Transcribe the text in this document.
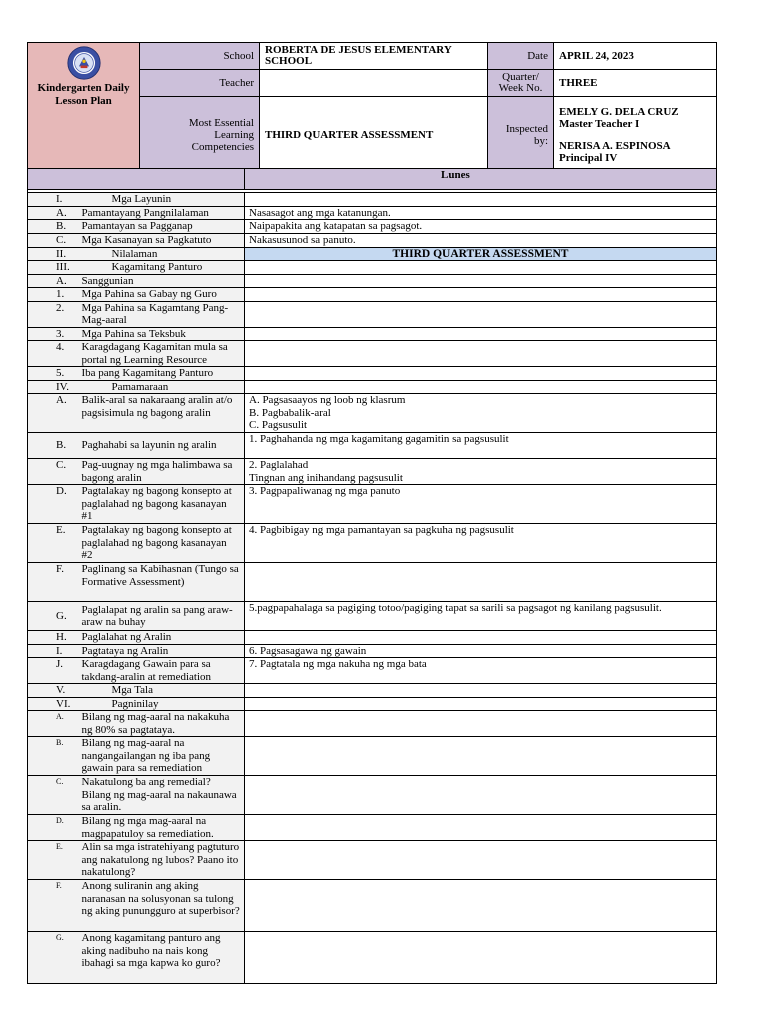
Kindergarten Daily Lesson Plan	School	ROBERTA DE JESUS ELEMENTARY SCHOOL	Date	APRIL 24, 2023
	Teacher		Quarter/ Week No.	THREE
	Most Essential Learning Competencies	THIRD QUARTER ASSESSMENT	Inspected by:	EMELY G. DELA CRUZ
Master Teacher I
NERISA A. ESPINOSA
Principal IV
		Lunes

I.	Mga Layunin	
A.	Pamantayang Pangnilalaman	Nasasagot ang mga katanungan.
B.	Pamantayan sa Pagganap	Naipapakita ang katapatan sa pagsagot.
C.	Mga Kasanayan sa Pagkatuto	Nakasusunod sa panuto.
II.	Nilalaman	THIRD QUARTER ASSESSMENT
III.	Kagamitang Panturo	
A.	Sanggunian	
1.	Mga Pahina sa Gabay ng Guro	
2.	Mga Pahina sa Kagamtang Pang-Mag-aaral	
3.	Mga Pahina sa Teksbuk	
4.	Karagdagang Kagamitan mula sa portal ng Learning Resource	
5.	Iba pang Kagamitang Panturo	
IV.	Pamamaraan	
A.	Balik-aral sa nakaraang aralin at/o pagsisimula ng bagong aralin	A. Pagsasaayos ng loob ng klasrum
B. Pagbabalik-aral
C. Pagsusulit

B.	Paghahabi sa layunin ng aralin	1. Paghahanda ng mga kagamitang gagamitin sa pagsusulit
C.	Pag-uugnay ng mga halimbawa sa bagong aralin	2. Paglalahad
Tingnan ang inihandang pagsusulit

D.	Pagtalakay ng bagong konsepto at paglalahad ng bagong kasanayan #1	3. Pagpapaliwanag ng mga panuto
E.	Pagtalakay ng bagong konsepto at paglalahad ng bagong kasanayan #2	4. Pagbibigay ng mga pamantayan sa pagkuha ng pagsusulit
F.	Paglinang sa Kabihasnan (Tungo sa Formative Assessment)	
G.	Paglalapat ng aralin sa pang araw-araw na buhay	5.pagpapahalaga sa pagiging totoo/pagiging tapat sa sarili sa pagsagot ng kanilang pagsusulit.
H.	Paglalahat ng Aralin	
I.	Pagtataya ng Aralin	6. Pagsasagawa ng gawain
J.	Karagdagang Gawain para sa takdang-aralin at remediation	7. Pagtatala ng mga nakuha ng mga bata
V.	Mga Tala	
VI.	Pagninilay	
A.	Bilang ng mag-aaral na nakakuha ng 80% sa pagtataya.	
B.	Bilang ng mag-aaral na nangangailangan ng iba pang gawain para sa remediation	
C.	Nakatulong ba ang remedial? Bilang ng mag-aaral na nakaunawa sa aralin.	
D.	Bilang ng mga mag-aaral na magpapatuloy sa remediation.	
E.	Alin sa mga istratehiyang pagtuturo ang nakatulong ng lubos? Paano ito nakatulong?	
F.	Anong suliranin ang aking naranasan na solusyonan sa tulong ng aking punungguro at superbisor?	
G.	Anong kagamitang panturo ang aking nadibuho na nais kong ibahagi sa mga kapwa ko guro?	
